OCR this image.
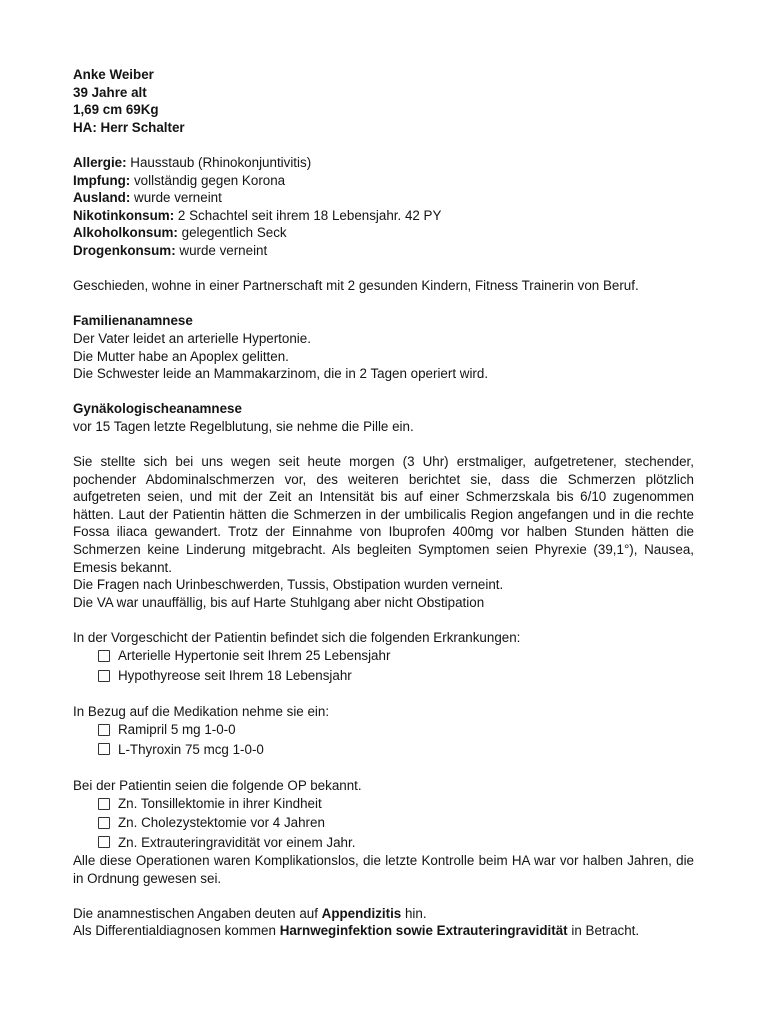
Anke Weiber
39 Jahre alt
1,69 cm 69Kg
HA: Herr Schalter
Allergie: Hausstaub (Rhinokonjuntivitis)
Impfung: vollständig gegen Korona
Ausland: wurde verneint
Nikotinkonsum: 2 Schachtel seit ihrem 18 Lebensjahr. 42 PY
Alkoholkonsum: gelegentlich Seck
Drogenkonsum: wurde verneint
Geschieden, wohne in einer Partnerschaft mit 2 gesunden Kindern, Fitness Trainerin von Beruf.
Familienanamnese
Der Vater leidet an arterielle Hypertonie.
Die Mutter habe an Apoplex gelitten.
Die Schwester leide an Mammakarzinom, die in 2 Tagen operiert wird.
Gynäkologischeanamnese
vor 15 Tagen letzte Regelblutung, sie nehme die Pille ein.
Sie stellte sich bei uns wegen seit heute morgen (3 Uhr) erstmaliger, aufgetretener, stechender, pochender Abdominalschmerzen vor, des weiteren berichtet sie, dass die Schmerzen plötzlich aufgetreten seien, und mit der Zeit an Intensität bis auf einer Schmerzskala bis 6/10 zugenommen hätten. Laut der Patientin hätten die Schmerzen in der umbilicalis Region angefangen und in die rechte Fossa iliaca gewandert. Trotz der Einnahme von Ibuprofen 400mg vor halben Stunden hätten die Schmerzen keine Linderung mitgebracht. Als begleiten Symptomen seien Phyrexie (39,1°), Nausea, Emesis bekannt.
Die Fragen nach Urinbeschwerden, Tussis, Obstipation wurden verneint.
Die VA war unauffällig, bis auf Harte Stuhlgang aber nicht Obstipation
In der Vorgeschicht der Patientin befindet sich die folgenden Erkrankungen:
Arterielle Hypertonie seit Ihrem 25 Lebensjahr
Hypothyreose seit Ihrem 18 Lebensjahr
In Bezug auf die Medikation nehme sie ein:
Ramipril 5 mg 1-0-0
L-Thyroxin 75 mcg 1-0-0
Bei der Patientin seien die folgende OP bekannt.
Zn. Tonsillektomie in ihrer Kindheit
Zn. Cholezystektomie vor 4 Jahren
Zn. Extrauteringravidität vor einem Jahr.
Alle diese Operationen waren Komplikationslos, die letzte Kontrolle beim HA war vor halben Jahren, die in Ordnung gewesen sei.
Die anamnestischen Angaben deuten auf Appendizitis hin.
Als Differentialdiagnosen kommen Harnweginfektion sowie Extrauteringravidität in Betracht.
